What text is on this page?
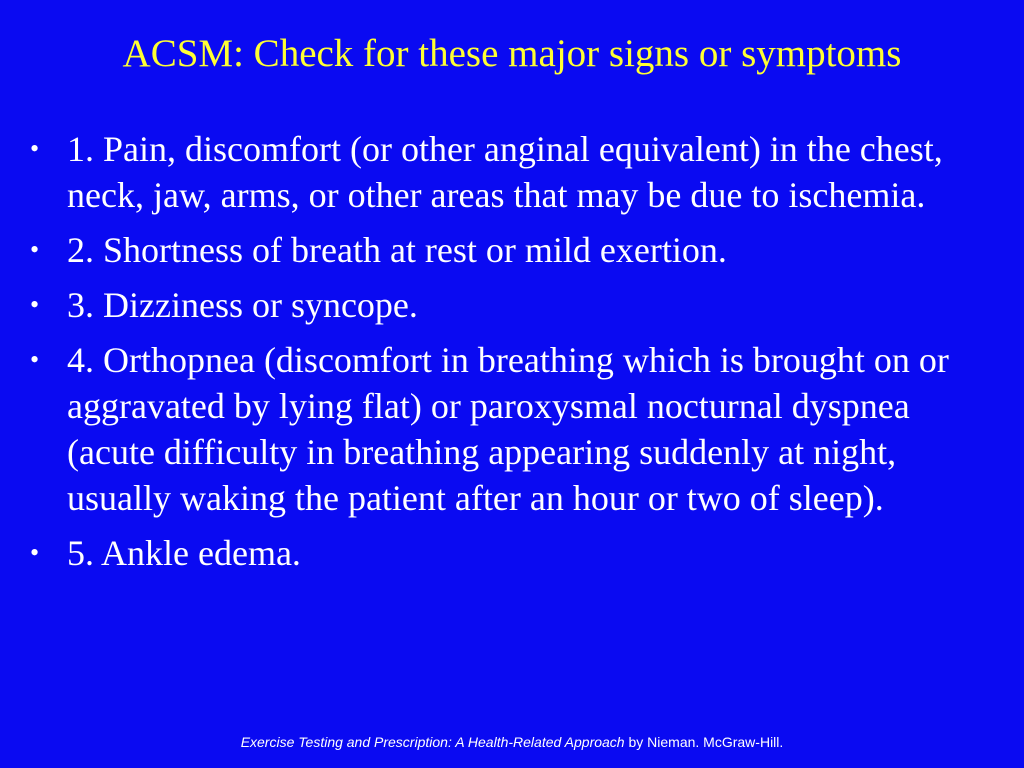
ACSM: Check for these major signs or symptoms
• 1. Pain, discomfort (or other anginal equivalent) in the chest, neck, jaw, arms, or other areas that may be due to ischemia.
• 2. Shortness of breath at rest or mild exertion.
• 3. Dizziness or syncope.
• 4. Orthopnea (discomfort in breathing which is brought on or aggravated by lying flat) or paroxysmal nocturnal dyspnea (acute difficulty in breathing appearing suddenly at night, usually waking the patient after an hour or two of sleep).
• 5. Ankle edema.
Exercise Testing and Prescription: A Health-Related Approach by Nieman. McGraw-Hill.
